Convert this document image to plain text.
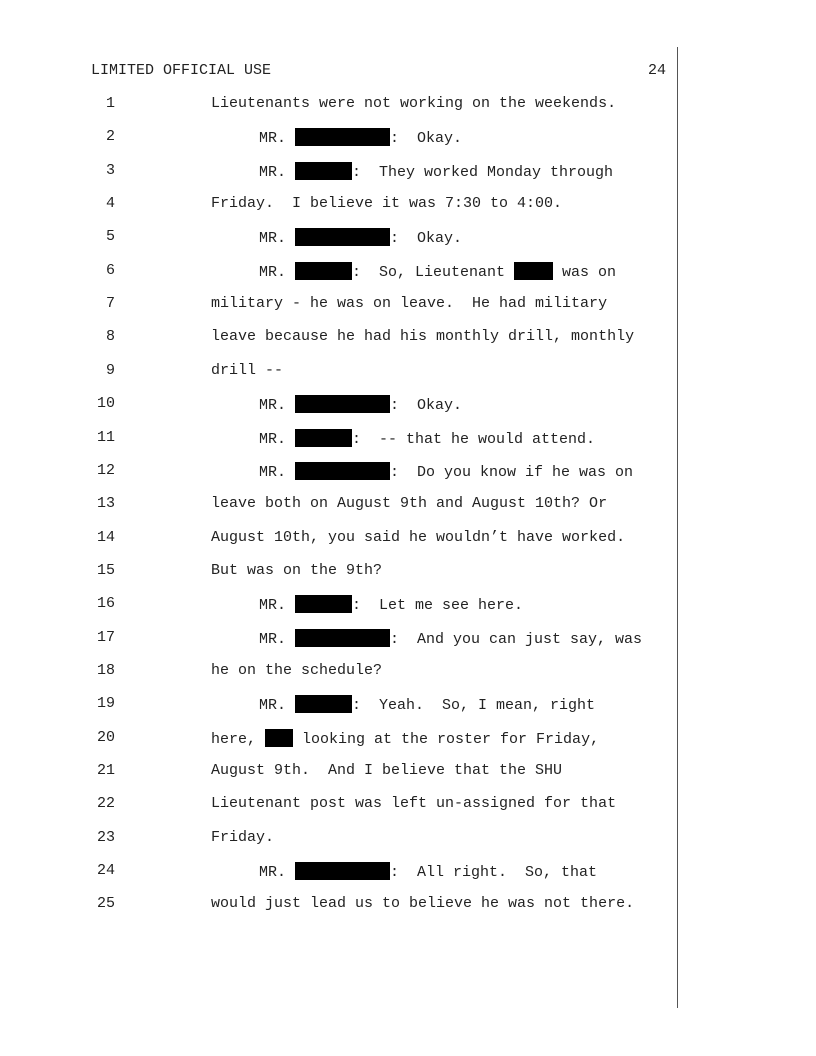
LIMITED OFFICIAL USE	24
1	Lieutenants were not working on the weekends.
2	MR.	:  Okay.
3	MR.	:  They worked Monday through
4	Friday.  I believe it was 7:30 to 4:00.
5	MR.	:  Okay.
6	MR.	:  So, Lieutenant	was on
7	military - he was on leave.  He had military
8	leave because he had his monthly drill, monthly
9	drill --
10	MR.	:  Okay.
11	MR.	:  -- that he would attend.
12	MR.	:  Do you know if he was on
13	leave both on August 9th and August 10th? Or
14	August 10th, you said he wouldn’t have worked.
15	But was on the 9th?
16	MR.	:  Let me see here.
17	MR.	:  And you can just say, was
18	he on the schedule?
19	MR.	:  Yeah.  So, I mean, right
20	here,  looking at the roster for Friday,
21	August 9th.  And I believe that the SHU
22	Lieutenant post was left un-assigned for that
23	Friday.
24	MR.	:  All right.  So, that
25	would just lead us to believe he was not there.
